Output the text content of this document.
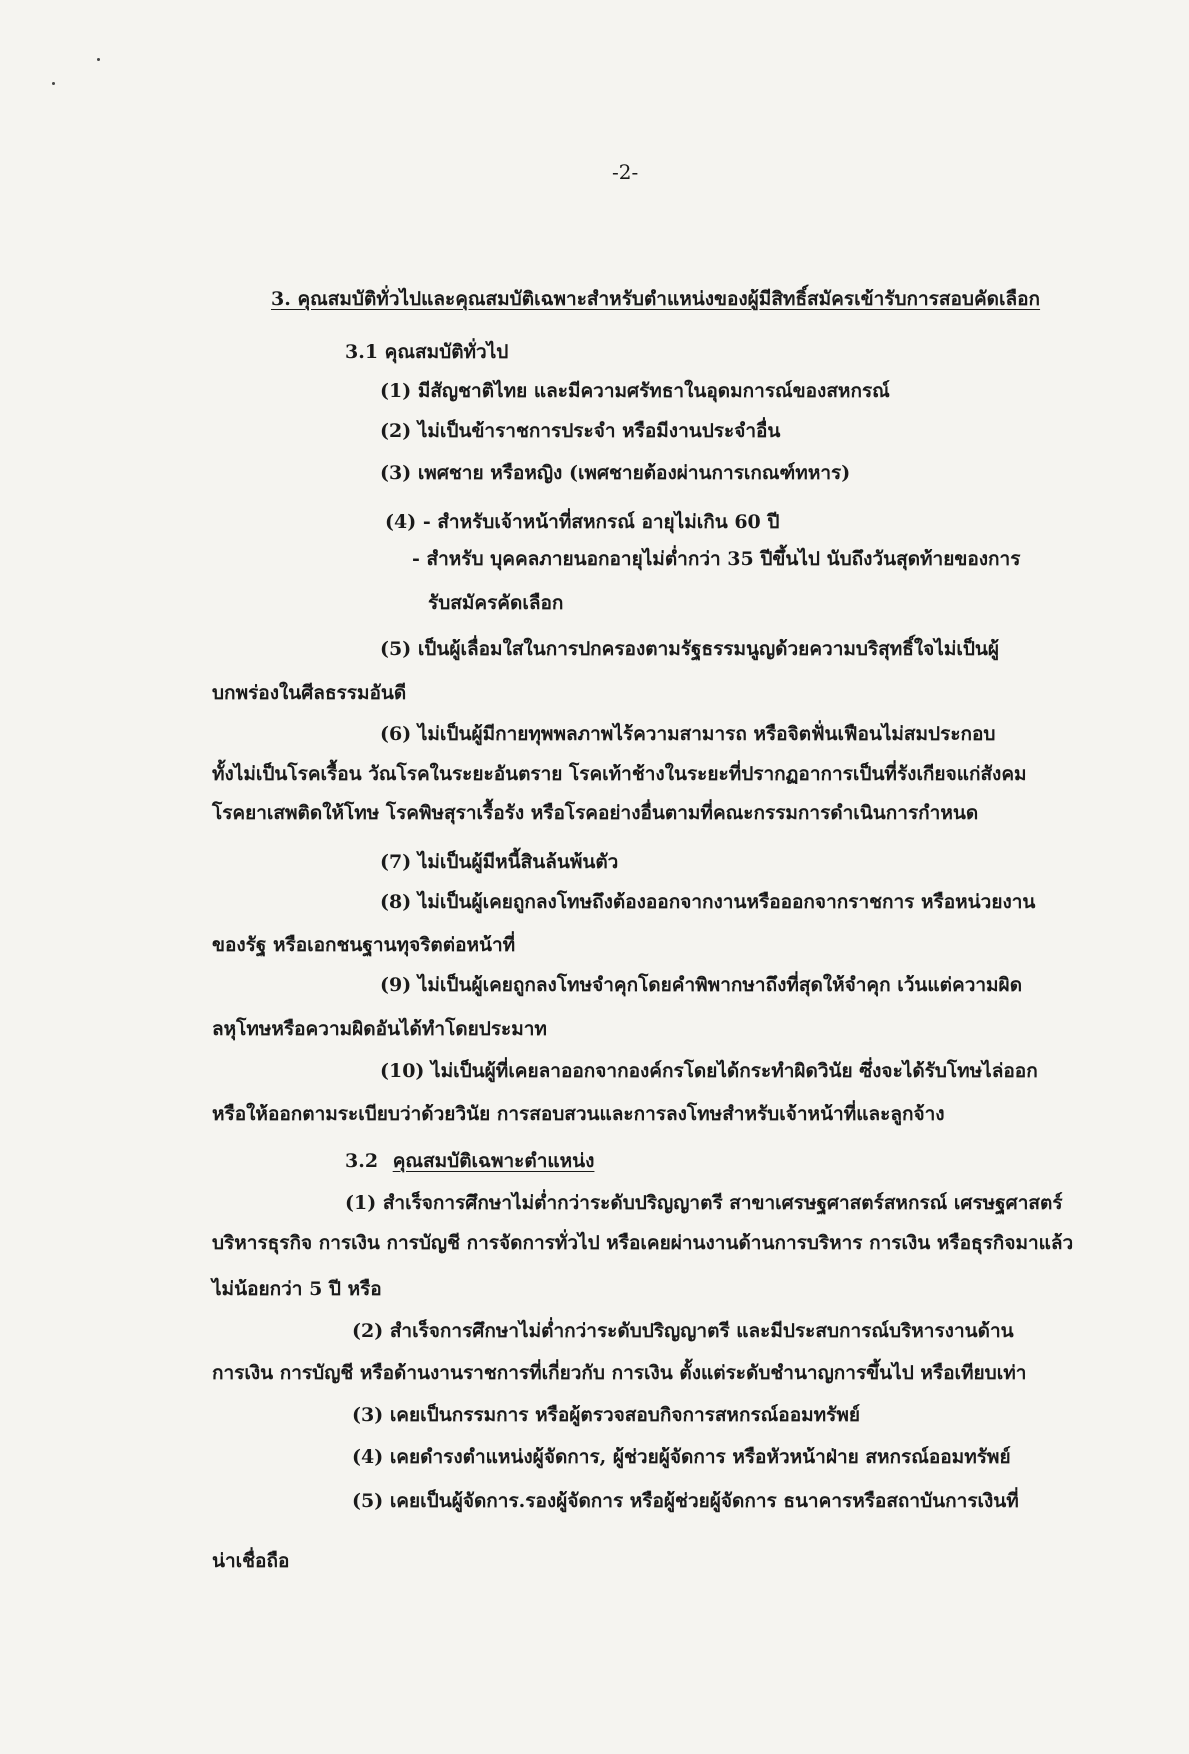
-2-
3. คุณสมบัติทั่วไปและคุณสมบัติเฉพาะสำหรับตำแหน่งของผู้มีสิทธิ์สมัครเข้ารับการสอบคัดเลือก
3.1 คุณสมบัติทั่วไป
(1) มีสัญชาติไทย และมีความศรัทธาในอุดมการณ์ของสหกรณ์
(2) ไม่เป็นข้าราชการประจำ หรือมีงานประจำอื่น
(3) เพศชาย หรือหญิง (เพศชายต้องผ่านการเกณฑ์ทหาร)
(4) - สำหรับเจ้าหน้าที่สหกรณ์ อายุไม่เกิน 60 ปี
- สำหรับ บุคคลภายนอกอายุไม่ต่ำกว่า 35 ปีขึ้นไป นับถึงวันสุดท้ายของการ
รับสมัครคัดเลือก
(5) เป็นผู้เลื่อมใสในการปกครองตามรัฐธรรมนูญด้วยความบริสุทธิ์ใจไม่เป็นผู้
บกพร่องในศีลธรรมอันดี
(6) ไม่เป็นผู้มีกายทุพพลภาพไร้ความสามารถ หรือจิตฟั่นเฟือนไม่สมประกอบ
ทั้งไม่เป็นโรคเรื้อน วัณโรคในระยะอันตราย โรคเท้าช้างในระยะที่ปรากฏอาการเป็นที่รังเกียจแก่สังคม
โรคยาเสพติดให้โทษ โรคพิษสุราเรื้อรัง หรือโรคอย่างอื่นตามที่คณะกรรมการดำเนินการกำหนด
(7) ไม่เป็นผู้มีหนี้สินล้นพ้นตัว
(8) ไม่เป็นผู้เคยถูกลงโทษถึงต้องออกจากงานหรือออกจากราชการ หรือหน่วยงาน
ของรัฐ หรือเอกชนฐานทุจริตต่อหน้าที่
(9) ไม่เป็นผู้เคยถูกลงโทษจำคุกโดยคำพิพากษาถึงที่สุดให้จำคุก เว้นแต่ความผิด
ลหุโทษหรือความผิดอันได้ทำโดยประมาท
(10) ไม่เป็นผู้ที่เคยลาออกจากองค์กรโดยได้กระทำผิดวินัย ซึ่งจะได้รับโทษไล่ออก
หรือให้ออกตามระเบียบว่าด้วยวินัย การสอบสวนและการลงโทษสำหรับเจ้าหน้าที่และลูกจ้าง
3.2 คุณสมบัติเฉพาะตำแหน่ง
(1) สำเร็จการศึกษาไม่ต่ำกว่าระดับปริญญาตรี สาขาเศรษฐศาสตร์สหกรณ์ เศรษฐศาสตร์
บริหารธุรกิจ การเงิน การบัญชี การจัดการทั่วไป หรือเคยผ่านงานด้านการบริหาร การเงิน หรือธุรกิจมาแล้ว
ไม่น้อยกว่า 5 ปี หรือ
(2) สำเร็จการศึกษาไม่ต่ำกว่าระดับปริญญาตรี และมีประสบการณ์บริหารงานด้าน
การเงิน การบัญชี หรือด้านงานราชการที่เกี่ยวกับ การเงิน ตั้งแต่ระดับชำนาญการขึ้นไป หรือเทียบเท่า
(3) เคยเป็นกรรมการ หรือผู้ตรวจสอบกิจการสหกรณ์ออมทรัพย์
(4) เคยดำรงตำแหน่งผู้จัดการ, ผู้ช่วยผู้จัดการ หรือหัวหน้าฝ่าย สหกรณ์ออมทรัพย์
(5) เคยเป็นผู้จัดการ.รองผู้จัดการ หรือผู้ช่วยผู้จัดการ ธนาคารหรือสถาบันการเงินที่
น่าเชื่อถือ
